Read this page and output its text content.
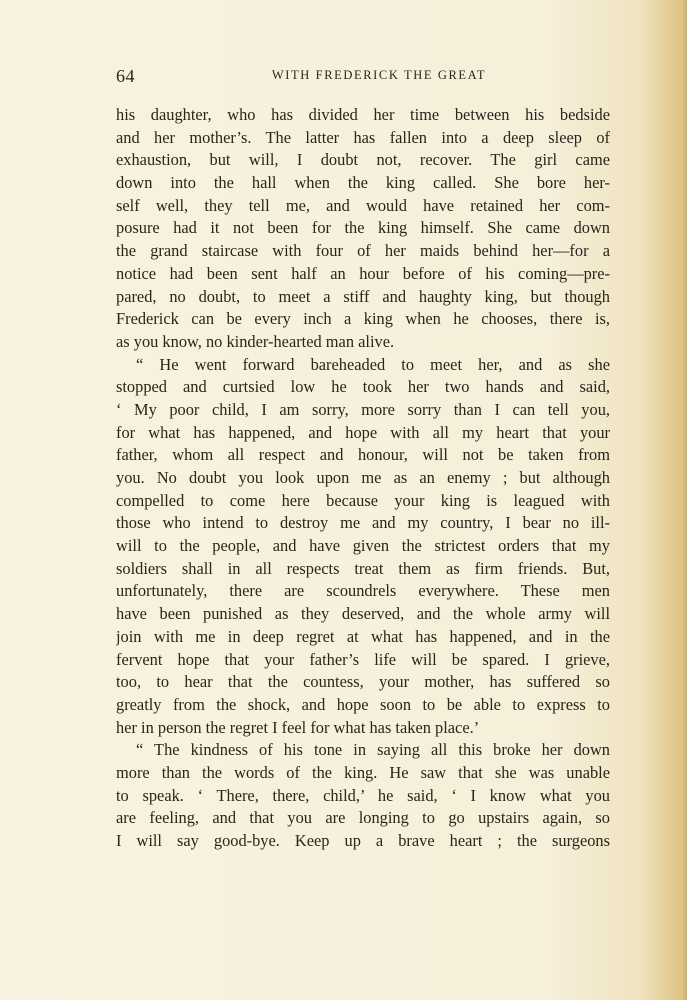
64	WITH FREDERICK THE GREAT
his daughter, who has divided her time between his bedside
and her mother’s. The latter has fallen into a deep sleep of
exhaustion, but will, I doubt not, recover. The girl came
down into the hall when the king called. She bore her-
self well, they tell me, and would have retained her com-
posure had it not been for the king himself. She came down
the grand staircase with four of her maids behind her—for a
notice had been sent half an hour before of his coming—pre-
pared, no doubt, to meet a stiff and haughty king, but though
Frederick can be every inch a king when he chooses, there is,
as you know, no kinder-hearted man alive.
“ He went forward bareheaded to meet her, and as she
stopped and curtsied low he took her two hands and said,
‘ My poor child, I am sorry, more sorry than I can tell you,
for what has happened, and hope with all my heart that your
father, whom all respect and honour, will not be taken from
you. No doubt you look upon me as an enemy ; but although
compelled to come here because your king is leagued with
those who intend to destroy me and my country, I bear no ill-
will to the people, and have given the strictest orders that my
soldiers shall in all respects treat them as firm friends. But,
unfortunately, there are scoundrels everywhere. These men
have been punished as they deserved, and the whole army will
join with me in deep regret at what has happened, and in the
fervent hope that your father’s life will be spared. I grieve,
too, to hear that the countess, your mother, has suffered so
greatly from the shock, and hope soon to be able to express to
her in person the regret I feel for what has taken place.’
“ The kindness of his tone in saying all this broke her down
more than the words of the king. He saw that she was unable
to speak. ‘ There, there, child,’ he said, ‘ I know what you
are feeling, and that you are longing to go upstairs again, so
I will say good-bye. Keep up a brave heart ; the surgeons
